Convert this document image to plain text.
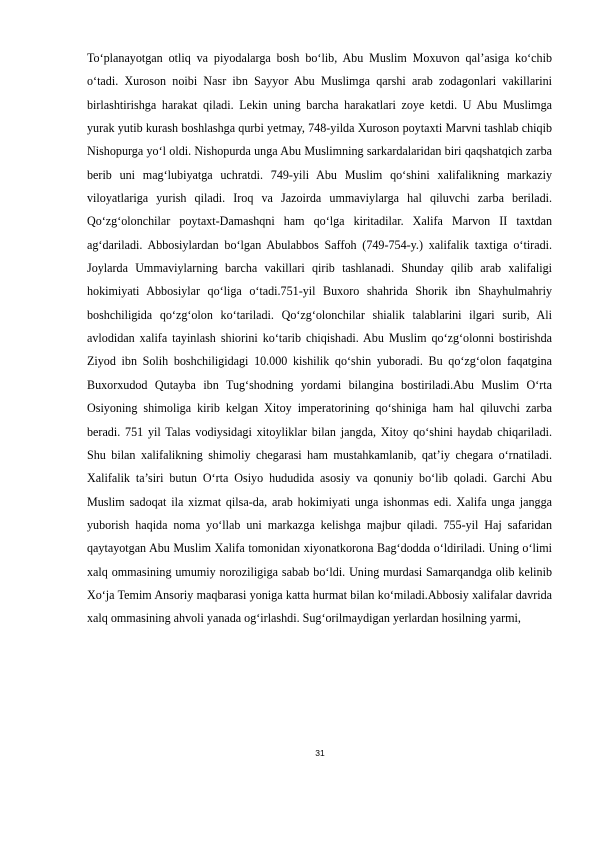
To‘planayotgan otliq va piyodalarga bosh bo‘lib, Abu Muslim Moxuvon qal’asiga ko‘chib o‘tadi. Xuroson noibi Nasr ibn Sayyor Abu Muslimga qarshi arab zodagonlari vakillarini birlashtirishga harakat qiladi. Lekin uning barcha harakatlari zoye ketdi. U Abu Muslimga yurak yutib kurash boshlashga qurbi yetmay, 748-yilda Xuroson poytaxti Marvni tashlab chiqib Nishopurga yo‘l oldi. Nishopurda unga Abu Muslimning sarkardalaridan biri qaqshatqich zarba berib uni mag‘lubiyatga uchratdi. 749-yili Abu Muslim qo‘shini xalifalikning markaziy viloyatlariga yurish qiladi. Iroq va Jazoirda ummaviylarga hal qiluvchi zarba beriladi. Qo‘zg‘olonchilar poytaxt-Damashqni ham qo‘lga kiritadilar. Xalifa Marvon II taxtdan ag‘dariladi. Abbosiylardan bo‘lgan Abulabbos Saffoh (749-754-y.) xalifalik taxtiga o‘tiradi. Joylarda Ummaviylarning barcha vakillari qirib tashlanadi. Shunday qilib arab xalifaligi hokimiyati Abbosiylar qo‘liga o‘tadi.751-yil Buxoro shahrida Shorik ibn Shayhulmahriy boshchiligida qo‘zg‘olon ko‘tariladi. Qo‘zg‘olonchilar shialik talablarini ilgari surib, Ali avlodidan xalifa tayinlash shiorini ko‘tarib chiqishadi. Abu Muslim qo‘zg‘olonni bostirishda Ziyod ibn Solih boshchiligidagi 10.000 kishilik qo‘shin yuboradi. Bu qo‘zg‘olon faqatgina Buxorxudod Qutayba ibn Tug‘shodning yordami bilangina bostiriladi.Abu Muslim O‘rta Osiyoning shimoliga kirib kelgan Xitoy imperatorining qo‘shiniga ham hal qiluvchi zarba beradi. 751 yil Talas vodiysidagi xitoyliklar bilan jangda, Xitoy qo‘shini haydab chiqariladi. Shu bilan xalifalikning shimoliy chegarasi ham mustahkamlanib, qat’iy chegara o‘rnatiladi. Xalifalik ta’siri butun O‘rta Osiyo hududida asosiy va qonuniy bo‘lib qoladi. Garchi Abu Muslim sadoqat ila xizmat qilsa-da, arab hokimiyati unga ishonmas edi. Xalifa unga jangga yuborish haqida noma yo‘llab uni markazga kelishga majbur qiladi. 755-yil Haj safaridan qaytayotgan Abu Muslim Xalifa tomonidan xiyonatkorona Bag‘dodda o‘ldiriladi. Uning o‘limi xalq ommasining umumiy noroziligiga sabab bo‘ldi. Uning murdasi Samarqandga olib kelinib Xo‘ja Temim Ansoriy maqbarasi yoniga katta hurmat bilan ko‘miladi.Abbosiy xalifalar davrida xalq ommasining ahvoli yanada og‘irlashdi. Sug‘orilmaydigan yerlardan hosilning yarmi,

31
